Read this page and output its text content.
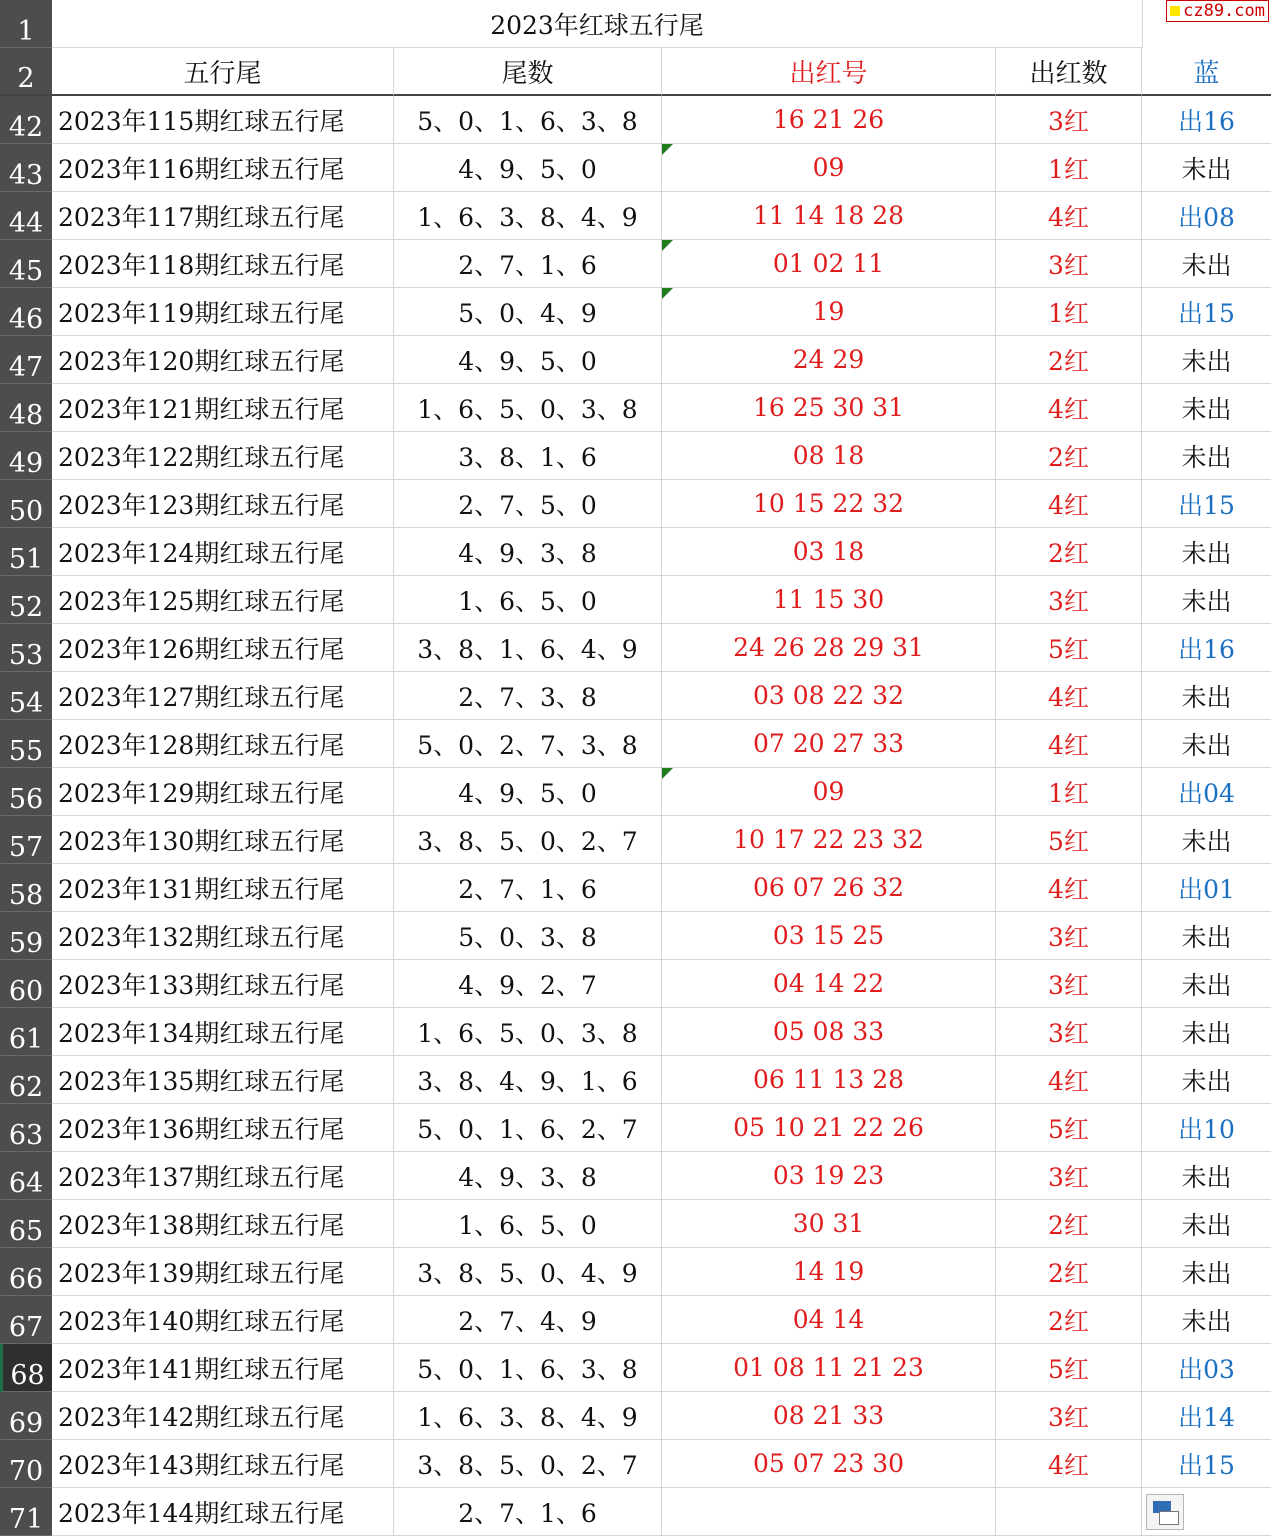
1	2023年红球五行尾	cz89.com
2	五行尾	尾数	出红号	出红数	蓝
42 2023年115期红球五行尾	5、0、1、6、3、8	16 21 26	3红	出16
43 2023年116期红球五行尾	4、9、5、0	09	1红	未出
44 2023年117期红球五行尾	1、6、3、8、4、9	11 14 18 28	4红	出08
45 2023年118期红球五行尾	2、7、1、6	01 02 11	3红	未出
46 2023年119期红球五行尾	5、0、4、9	19	1红	出15
47 2023年120期红球五行尾	4、9、5、0	24 29	2红	未出
48 2023年121期红球五行尾	1、6、5、0、3、8	16 25 30 31	4红	未出
49 2023年122期红球五行尾	3、8、1、6	08 18	2红	未出
50 2023年123期红球五行尾	2、7、5、0	10 15 22 32	4红	出15
51 2023年124期红球五行尾	4、9、3、8	03 18	2红	未出
52 2023年125期红球五行尾	1、6、5、0	11 15 30	3红	未出
53 2023年126期红球五行尾	3、8、1、6、4、9	24 26 28 29 31	5红	出16
54 2023年127期红球五行尾	2、7、3、8	03 08 22 32	4红	未出
55 2023年128期红球五行尾	5、0、2、7、3、8	07 20 27 33	4红	未出
56 2023年129期红球五行尾	4、9、5、0	09	1红	出04
57 2023年130期红球五行尾	3、8、5、0、2、7	10 17 22 23 32	5红	未出
58 2023年131期红球五行尾	2、7、1、6	06 07 26 32	4红	出01
59 2023年132期红球五行尾	5、0、3、8	03 15 25	3红	未出
60 2023年133期红球五行尾	4、9、2、7	04 14 22	3红	未出
61 2023年134期红球五行尾	1、6、5、0、3、8	05 08 33	3红	未出
62 2023年135期红球五行尾	3、8、4、9、1、6	06 11 13 28	4红	未出
63 2023年136期红球五行尾	5、0、1、6、2、7	05 10 21 22 26	5红	出10
64 2023年137期红球五行尾	4、9、3、8	03 19 23	3红	未出
65 2023年138期红球五行尾	1、6、5、0	30 31	2红	未出
66 2023年139期红球五行尾	3、8、5、0、4、9	14 19	2红	未出
67 2023年140期红球五行尾	2、7、4、9	04 14	2红	未出
68 2023年141期红球五行尾	5、0、1、6、3、8	01 08 11 21 23	5红	出03
69 2023年142期红球五行尾	1、6、3、8、4、9	08 21 33	3红	出14
70 2023年143期红球五行尾	3、8、5、0、2、7	05 07 23 30	4红	出15
71 2023年144期红球五行尾	2、7、1、6
